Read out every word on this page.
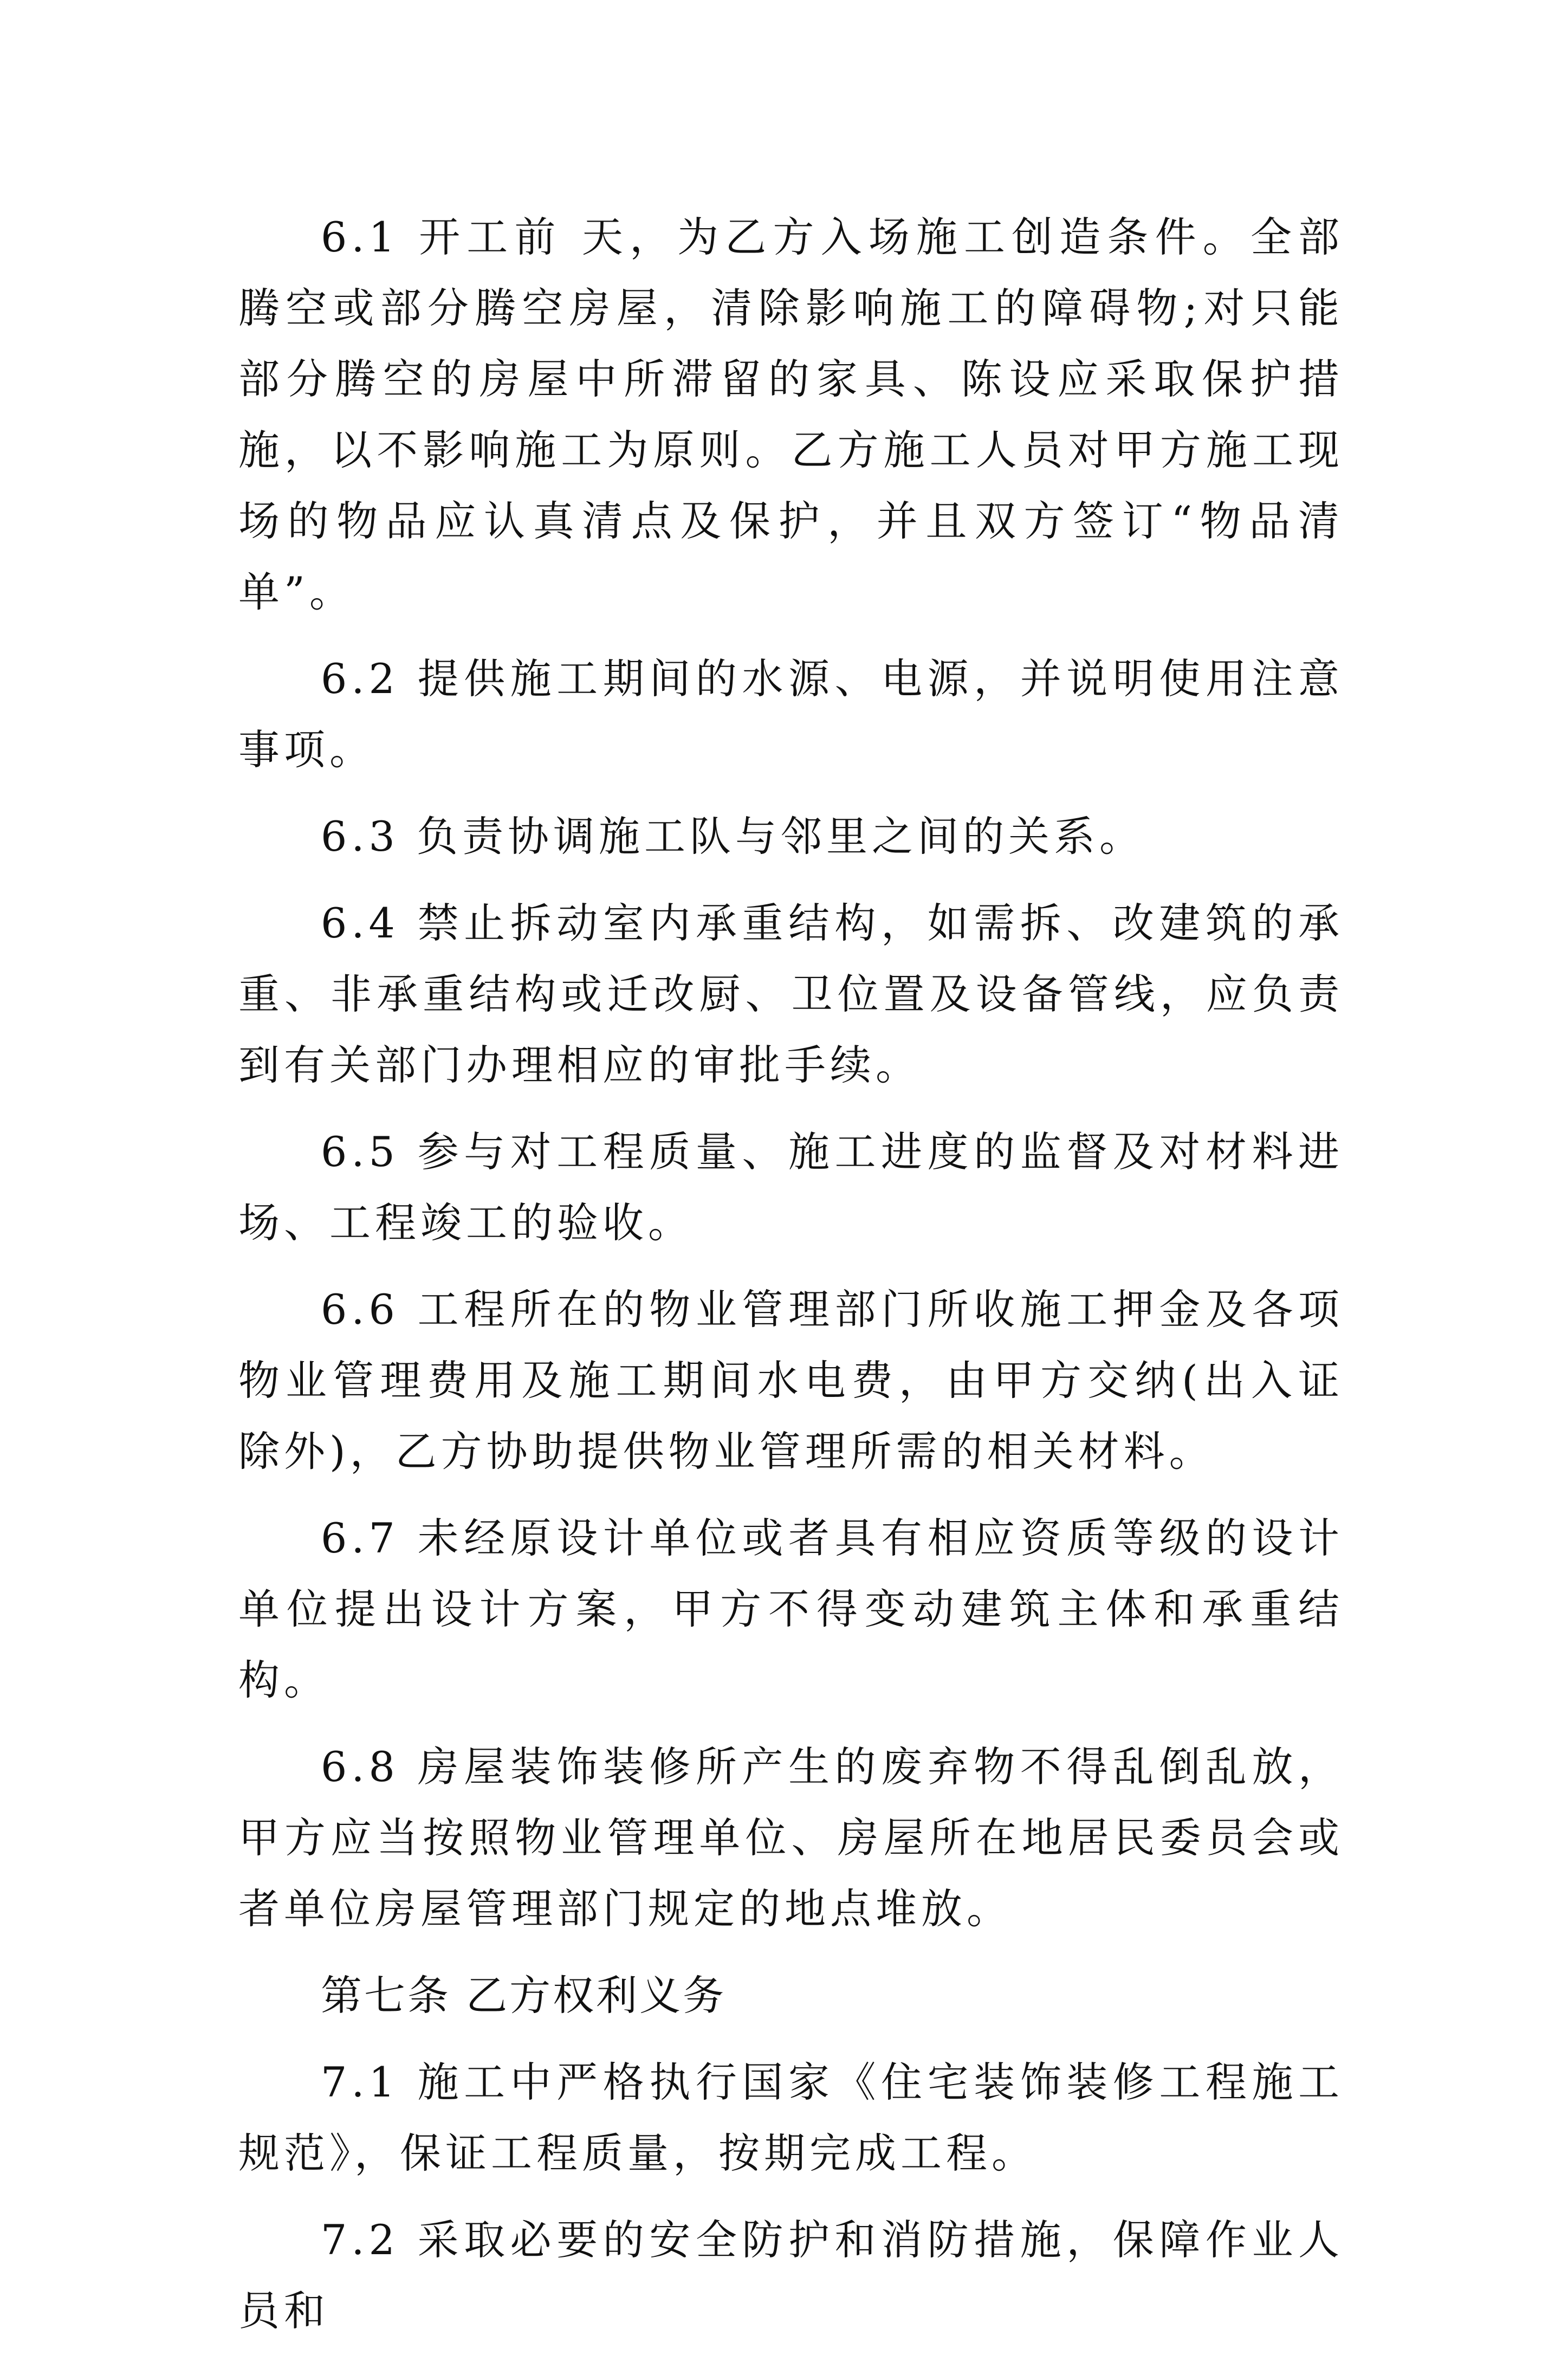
6.1 开工前 天，为乙方入场施工创造条件。全部腾空或部分腾空房屋，清除影响施工的障碍物;对只能部分腾空的房屋中所滞留的家具、陈设应采取保护措施，以不影响施工为原则。乙方施工人员对甲方施工现场的物品应认真清点及保护，并且双方签订“物品清单”。

6.2 提供施工期间的水源、电源，并说明使用注意事项。

6.3 负责协调施工队与邻里之间的关系。

6.4 禁止拆动室内承重结构，如需拆、改建筑的承重、非承重结构或迁改厨、卫位置及设备管线，应负责到有关部门办理相应的审批手续。

6.5 参与对工程质量、施工进度的监督及对材料进场、工程竣工的验收。

6.6 工程所在的物业管理部门所收施工押金及各项物业管理费用及施工期间水电费，由甲方交纳(出入证除外)，乙方协助提供物业管理所需的相关材料。

6.7 未经原设计单位或者具有相应资质等级的设计单位提出设计方案，甲方不得变动建筑主体和承重结构。

6.8 房屋装饰装修所产生的废弃物不得乱倒乱放，甲方应当按照物业管理单位、房屋所在地居民委员会或者单位房屋管理部门规定的地点堆放。

第七条 乙方权利义务

7.1 施工中严格执行国家《住宅装饰装修工程施工规范》，保证工程质量，按期完成工程。

7.2 采取必要的安全防护和消防措施，保障作业人员和
